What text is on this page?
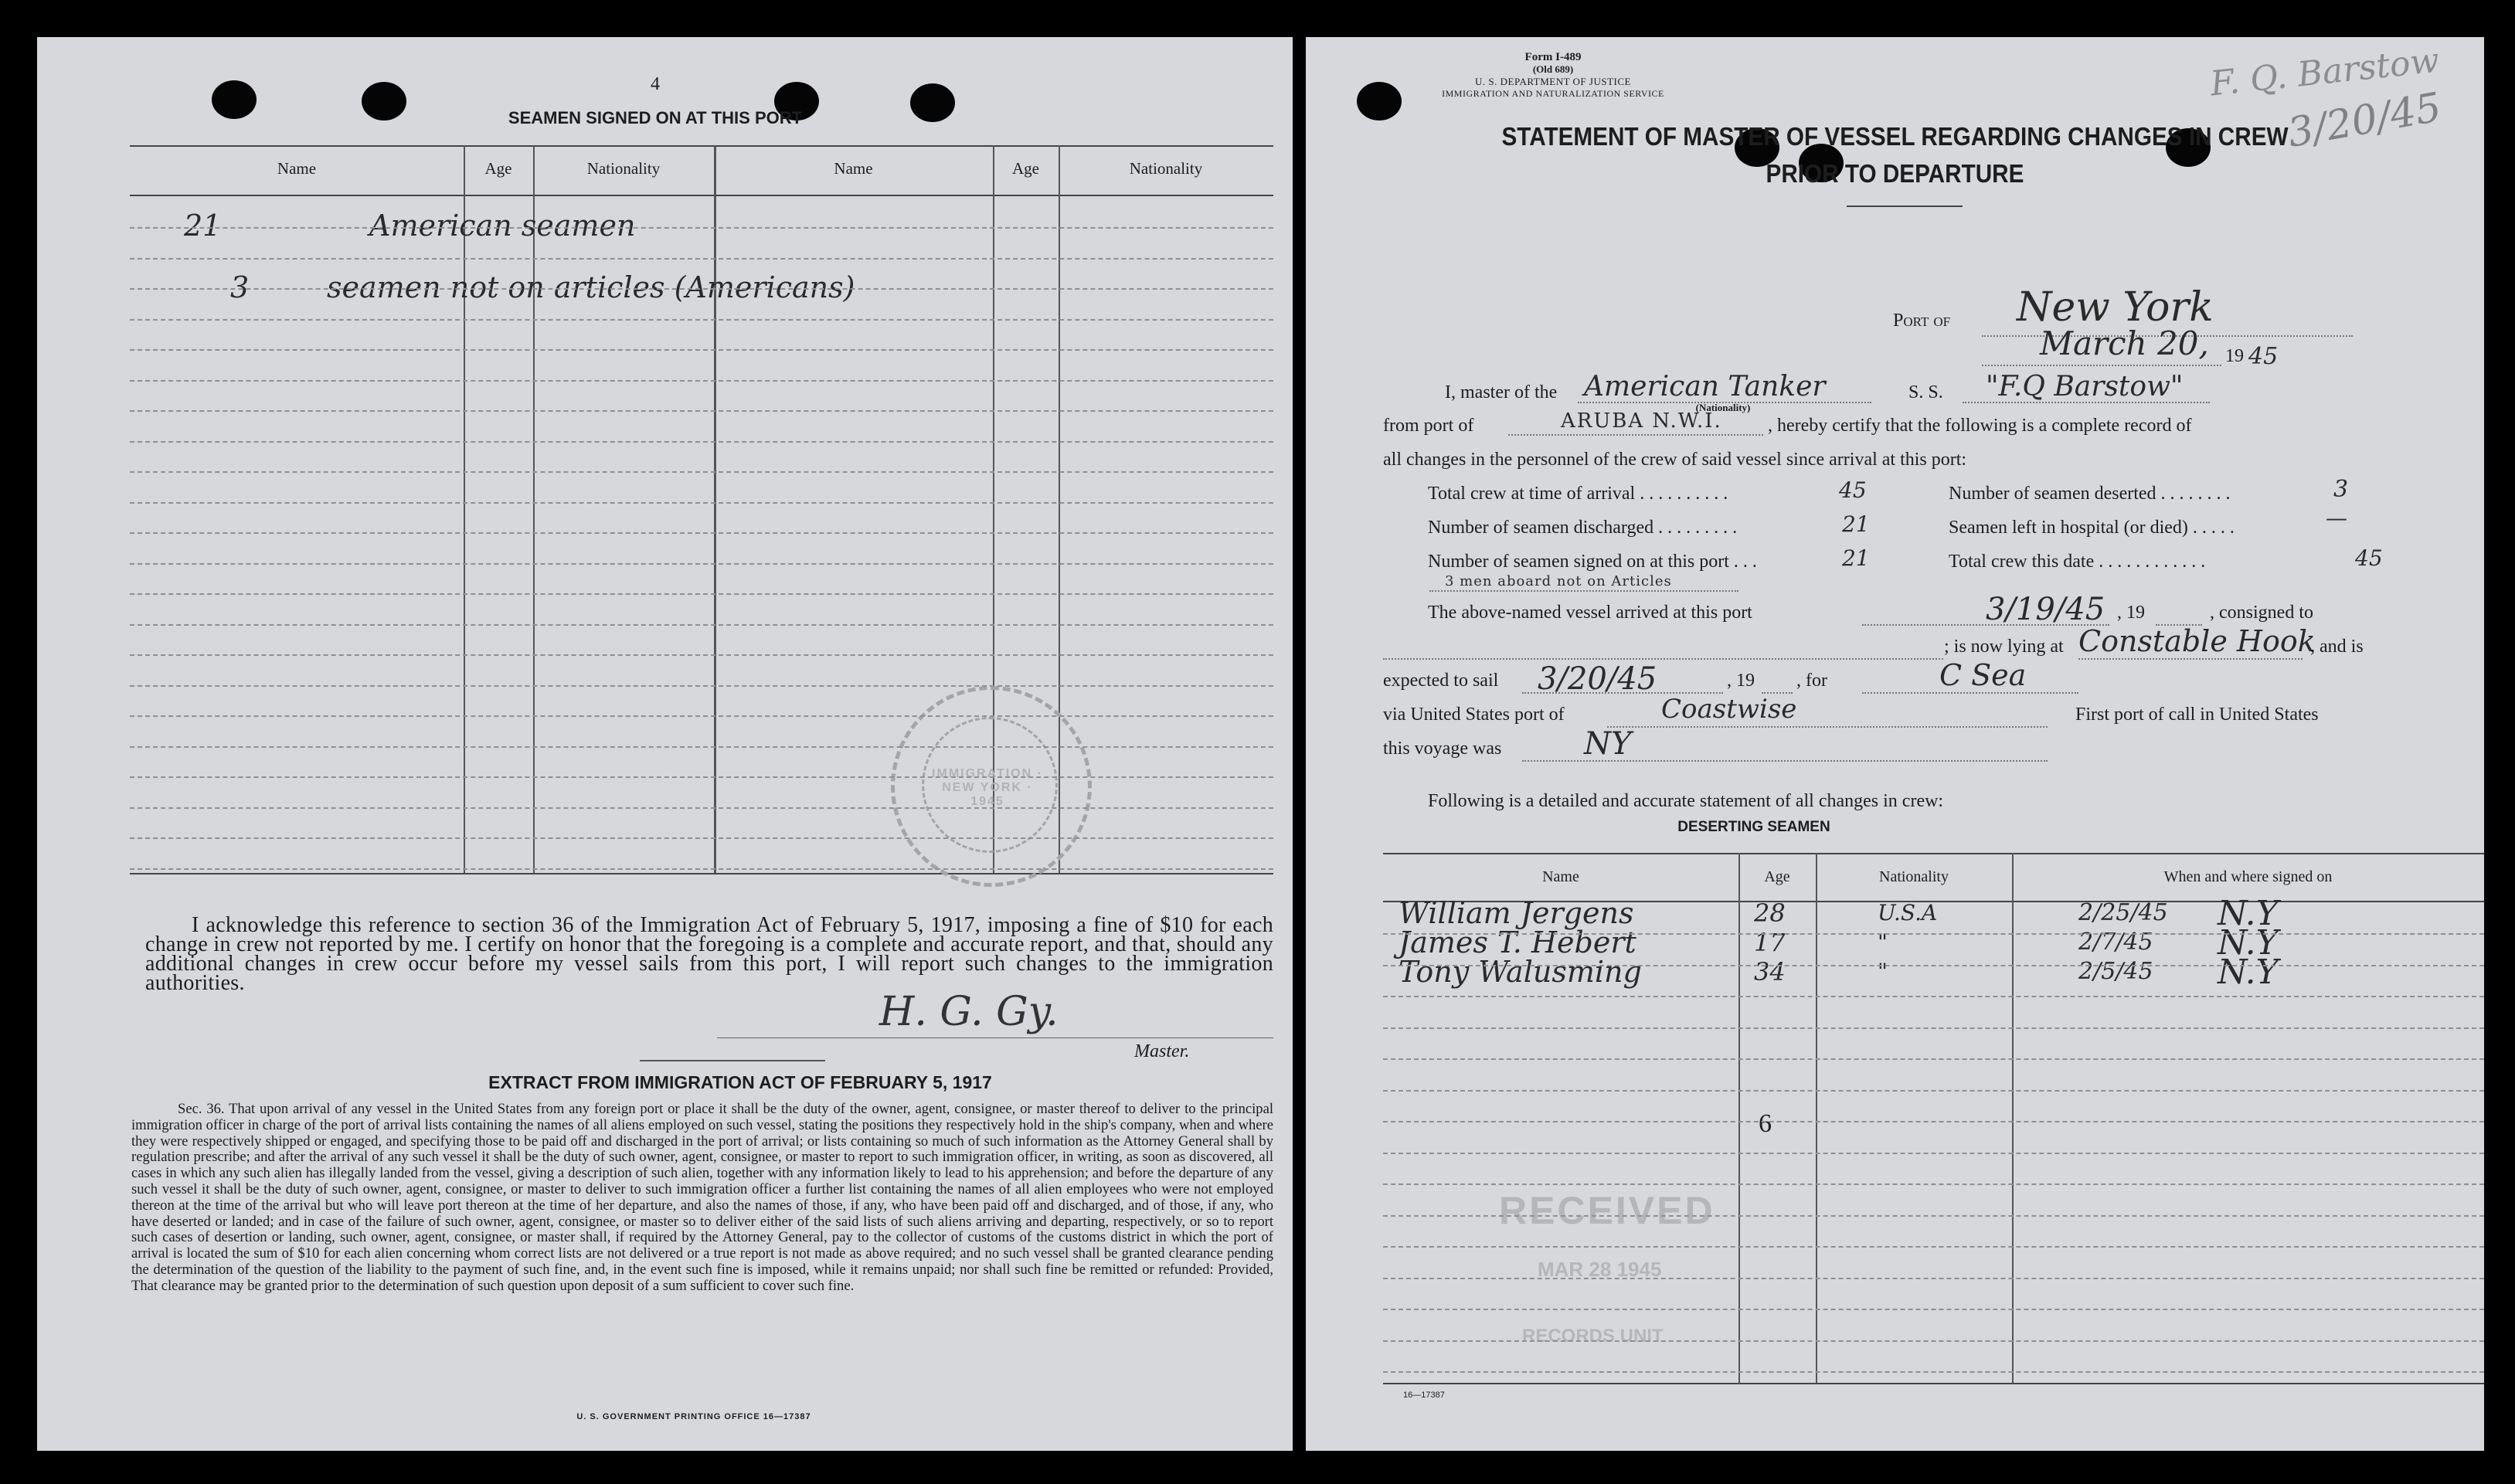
4
SEAMEN SIGNED ON AT THIS PORT
Name	Age	Nationality	Name	Age	Nationality
21	American seamen
3	seamen not on articles (Americans)
IMMIGRATION · NEW YORK · 1945
I acknowledge this reference to section 36 of the Immigration Act of February 5, 1917, imposing a fine of $10 for each change in crew not reported by me. I certify on honor that the foregoing is a complete and accurate report, and that, should any additional changes in crew occur before my vessel sails from this port, I will report such changes to the immigration authorities.
H. G. Gy.
Master.
EXTRACT FROM IMMIGRATION ACT OF FEBRUARY 5, 1917
Sec. 36. That upon arrival of any vessel in the United States from any foreign port or place it shall be the duty of the owner, agent, consignee, or master thereof to deliver to the principal immigration officer in charge of the port of arrival lists containing the names of all aliens employed on such vessel, stating the positions they respectively hold in the ship's company, when and where they were respectively shipped or engaged, and specifying those to be paid off and discharged in the port of arrival; or lists containing so much of such information as the Attorney General shall by regulation prescribe; and after the arrival of any such vessel it shall be the duty of such owner, agent, consignee, or master to report to such immigration officer, in writing, as soon as discovered, all cases in which any such alien has illegally landed from the vessel, giving a description of such alien, together with any information likely to lead to his apprehension; and before the departure of any such vessel it shall be the duty of such owner, agent, consignee, or master to deliver to such immigration officer a further list containing the names of all alien employees who were not employed thereon at the time of the arrival but who will leave port thereon at the time of her departure, and also the names of those, if any, who have been paid off and discharged, and of those, if any, who have deserted or landed; and in case of the failure of such owner, agent, consignee, or master so to deliver either of the said lists of such aliens arriving and departing, respectively, or so to report such cases of desertion or landing, such owner, agent, consignee, or master shall, if required by the Attorney General, pay to the collector of customs of the customs district in which the port of arrival is located the sum of $10 for each alien concerning whom correct lists are not delivered or a true report is not made as above required; and no such vessel shall be granted clearance pending the determination of the question of the liability to the payment of such fine, and, in the event such fine is imposed, while it remains unpaid; nor shall such fine be remitted or refunded: Provided, That clearance may be granted prior to the determination of such question upon deposit of a sum sufficient to cover such fine.
U. S. GOVERNMENT PRINTING OFFICE 16—17387
Form I-489
(Old 689)
U. S. DEPARTMENT OF JUSTICE
IMMIGRATION AND NATURALIZATION SERVICE	F. Q. Barstow
3/20/45
STATEMENT OF MASTER OF VESSEL REGARDING CHANGES IN CREW
PRIOR TO DEPARTURE
Port of New York
March 20, 19 45
I, master of the American Tanker
(Nationality)
S. S. "F.Q Barstow"
from port of	ARUBA N.W.I. , hereby certify that the following is a complete record of
all changes in the personnel of the crew of said vessel since arrival at this port:
Total crew at time of arrival . . . . . . . . . .	45
Number of seamen discharged . . . . . . . . .	21
Number of seamen signed on at this port . . .	21
3 men aboard not on Articles
Number of seamen deserted . . . . . . . .	3
Seamen left in hospital (or died) . . . . .	—
Total crew this date . . . . . . . . . . . .	45
The above-named vessel arrived at this port	3/19/45 , 19	, consigned to
; is now lying at Constable Hook
, and is
expected to sail 3/20/45	, 19 , for	C Sea
via United States port of	Coastwise	First port of call in United States
this voyage was	NY
Following is a detailed and accurate statement of all changes in crew:
DESERTING SEAMEN
Name	Age	Nationality	When and where signed on
William Jergens	28	U.S.A	2/25/45 N.Y
James T. Hebert	17	"	2/7/45 N.Y
Tony Walusming	34	"	2/5/45 N.Y
6
RECEIVED
MAR 28 1945
RECORDS UNIT
16—17387
